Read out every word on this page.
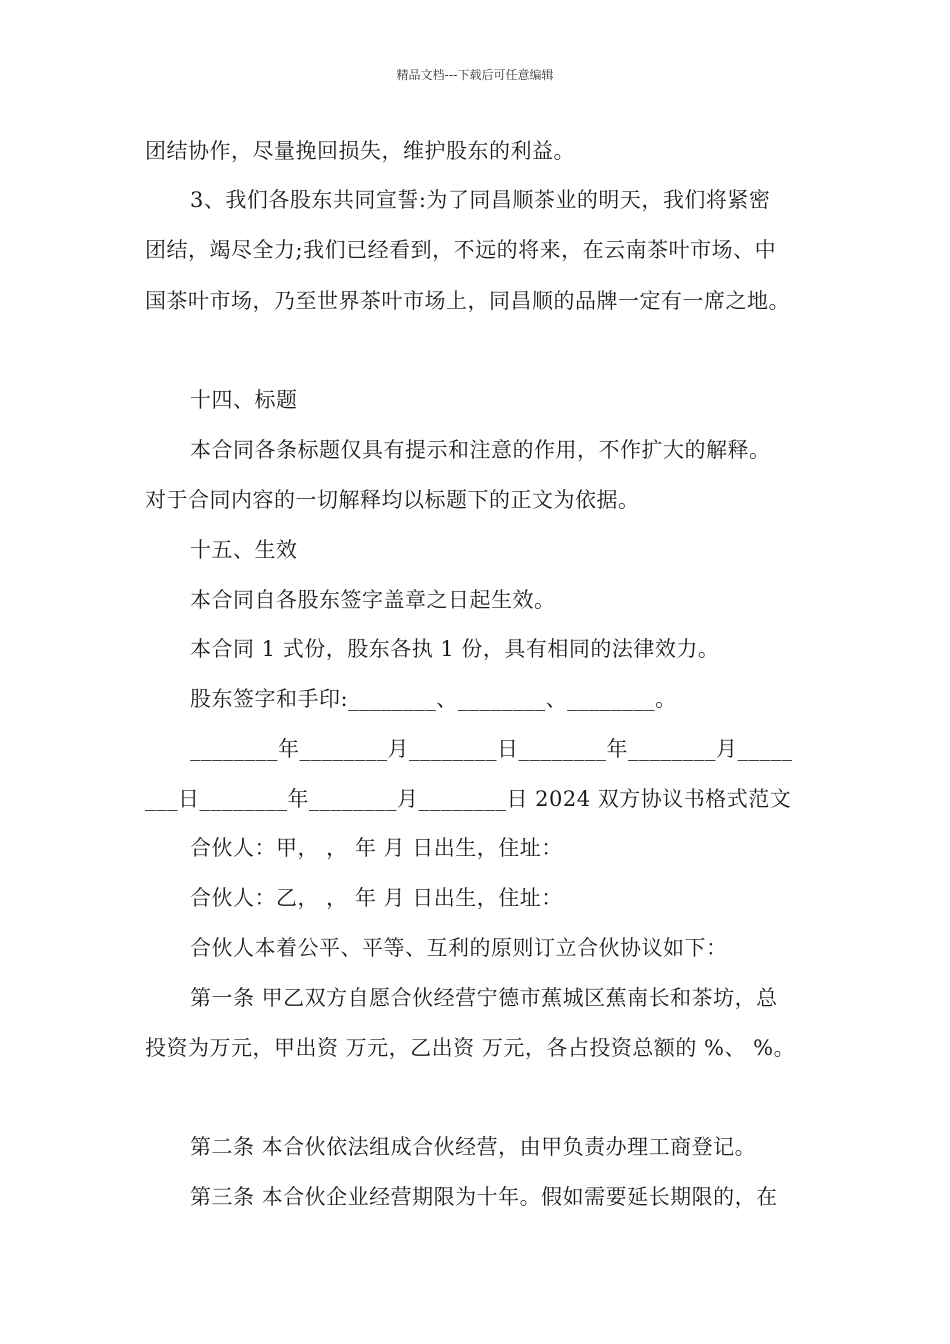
精品文档---下载后可任意编辑
团结协作，尽量挽回损失，维护股东的利益。
3、我们各股东共同宣誓:为了同昌顺茶业的明天，我们将紧密
团结，竭尽全力;我们已经看到，不远的将来，在云南茶叶市场、中
国茶叶市场，乃至世界茶叶市场上，同昌顺的品牌一定有一席之地。
十四、标题
本合同各条标题仅具有提示和注意的作用，不作扩大的解释。
对于合同内容的一切解释均以标题下的正文为依据。
十五、生效
本合同自各股东签字盖章之日起生效。
本合同 1 式份，股东各执 1 份，具有相同的法律效力。
股东签字和手印:________、________、________。
________年________月________日________年________月_____
___日________年________月________日 2024 双方协议书格式范文
合伙人：甲， ， 年 月 日出生，住址：
合伙人：乙， ， 年 月 日出生，住址：
合伙人本着公平、平等、互利的原则订立合伙协议如下：
第一条 甲乙双方自愿合伙经营宁德市蕉城区蕉南长和茶坊，总
投资为万元，甲出资 万元，乙出资 万元，各占投资总额的 %、 %。
第二条 本合伙依法组成合伙经营，由甲负责办理工商登记。
第三条 本合伙企业经营期限为十年。假如需要延长期限的，在
